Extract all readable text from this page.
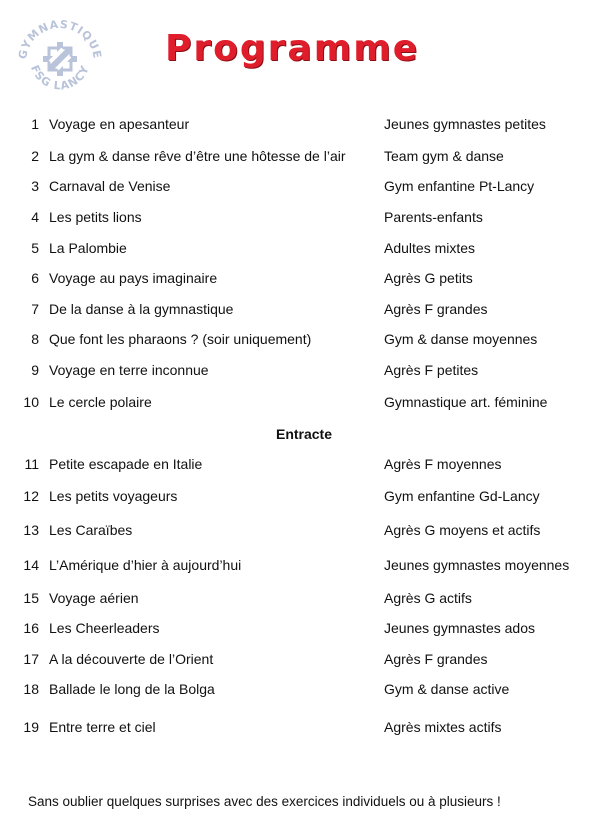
GYMNASTIQUE
FSG LANCY
Programme
1 Voyage en apesanteur	Jeunes gymnastes petites
2 La gym & danse rêve d’être une hôtesse de l’air	Team gym & danse
3 Carnaval de Venise	Gym enfantine Pt-Lancy
4 Les petits lions	Parents-enfants
5 La Palombie	Adultes mixtes
6 Voyage au pays imaginaire	Agrès G petits
7 De la danse à la gymnastique	Agrès F grandes
8 Que font les pharaons ? (soir uniquement)	Gym & danse moyennes
9 Voyage en terre inconnue	Agrès F petites
10 Le cercle polaire	Gymnastique art. féminine
11 Petite escapade en Italie	Agrès F moyennes
12 Les petits voyageurs	Gym enfantine Gd-Lancy
13 Les Caraïbes	Agrès G moyens et actifs
14 L’Amérique d’hier à aujourd’hui	Jeunes gymnastes moyennes
15 Voyage aérien	Agrès G actifs
16 Les Cheerleaders	Jeunes gymnastes ados
17 A la découverte de l’Orient	Agrès F grandes
18 Ballade le long de la Bolga	Gym & danse active
19 Entre terre et ciel	Agrès mixtes actifs
Entracte
Sans oublier quelques surprises avec des exercices individuels ou à plusieurs !
